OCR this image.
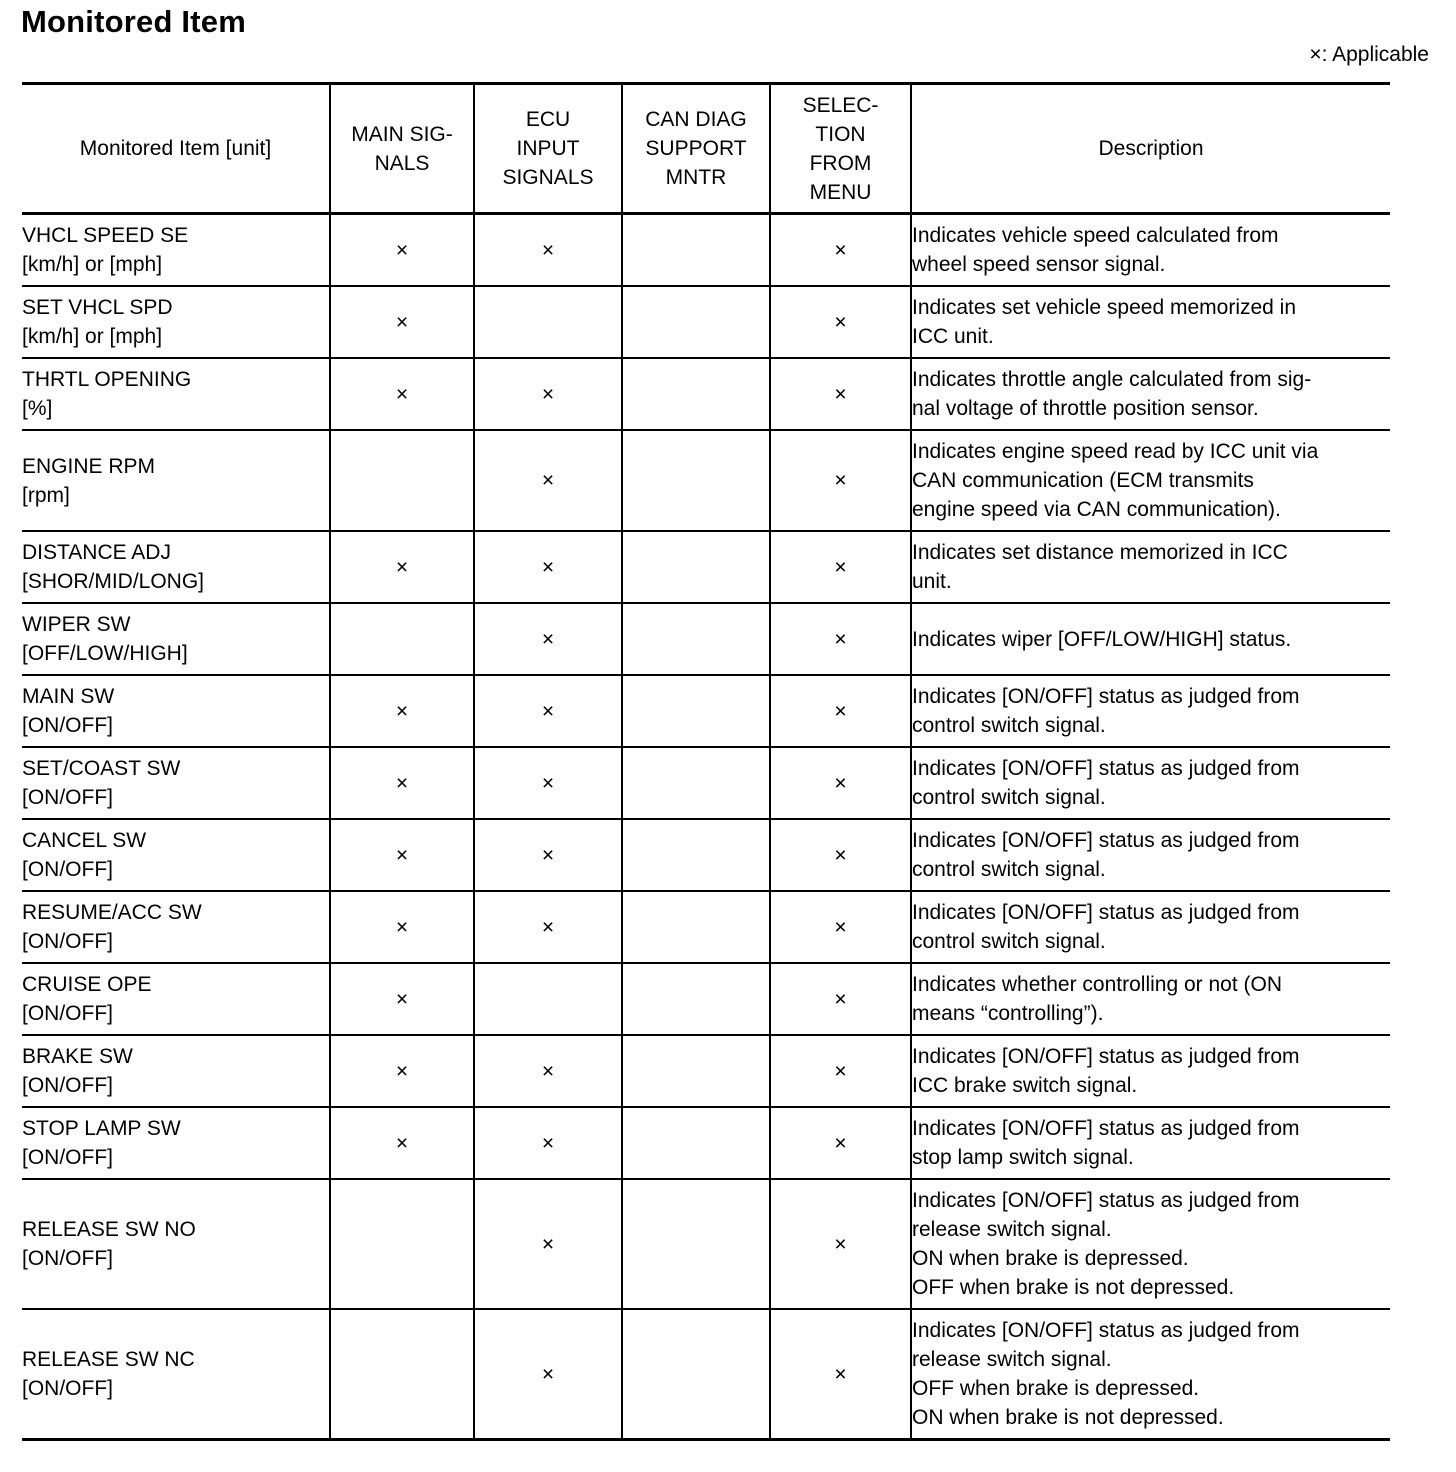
Monitored Item
×: Applicable
Monitored Item [unit]	MAIN SIG-
NALS	ECU
INPUT
SIGNALS	CAN DIAG
SUPPORT
MNTR	SELEC-
TION
FROM
MENU	Description
VHCL SPEED SE
[km/h] or [mph]	×	×		×	Indicates vehicle speed calculated from
wheel speed sensor signal.
SET VHCL SPD
[km/h] or [mph]	×			×	Indicates set vehicle speed memorized in
ICC unit.
THRTL OPENING
[%]	×	×		×	Indicates throttle angle calculated from sig-
nal voltage of throttle position sensor.
ENGINE RPM
[rpm]		×		×	Indicates engine speed read by ICC unit via
CAN communication (ECM transmits
engine speed via CAN communication).
DISTANCE ADJ
[SHOR/MID/LONG]	×	×		×	Indicates set distance memorized in ICC
unit.
WIPER SW
[OFF/LOW/HIGH]		×		×	Indicates wiper [OFF/LOW/HIGH] status.
MAIN SW
[ON/OFF]	×	×		×	Indicates [ON/OFF] status as judged from
control switch signal.
SET/COAST SW
[ON/OFF]	×	×		×	Indicates [ON/OFF] status as judged from
control switch signal.
CANCEL SW
[ON/OFF]	×	×		×	Indicates [ON/OFF] status as judged from
control switch signal.
RESUME/ACC SW
[ON/OFF]	×	×		×	Indicates [ON/OFF] status as judged from
control switch signal.
CRUISE OPE
[ON/OFF]	×			×	Indicates whether controlling or not (ON
means “controlling”).
BRAKE SW
[ON/OFF]	×	×		×	Indicates [ON/OFF] status as judged from
ICC brake switch signal.
STOP LAMP SW
[ON/OFF]	×	×		×	Indicates [ON/OFF] status as judged from
stop lamp switch signal.
RELEASE SW NO
[ON/OFF]		×		×	Indicates [ON/OFF] status as judged from
release switch signal.
ON when brake is depressed.
OFF when brake is not depressed.
RELEASE SW NC
[ON/OFF]		×		×	Indicates [ON/OFF] status as judged from
release switch signal.
OFF when brake is depressed.
ON when brake is not depressed.
